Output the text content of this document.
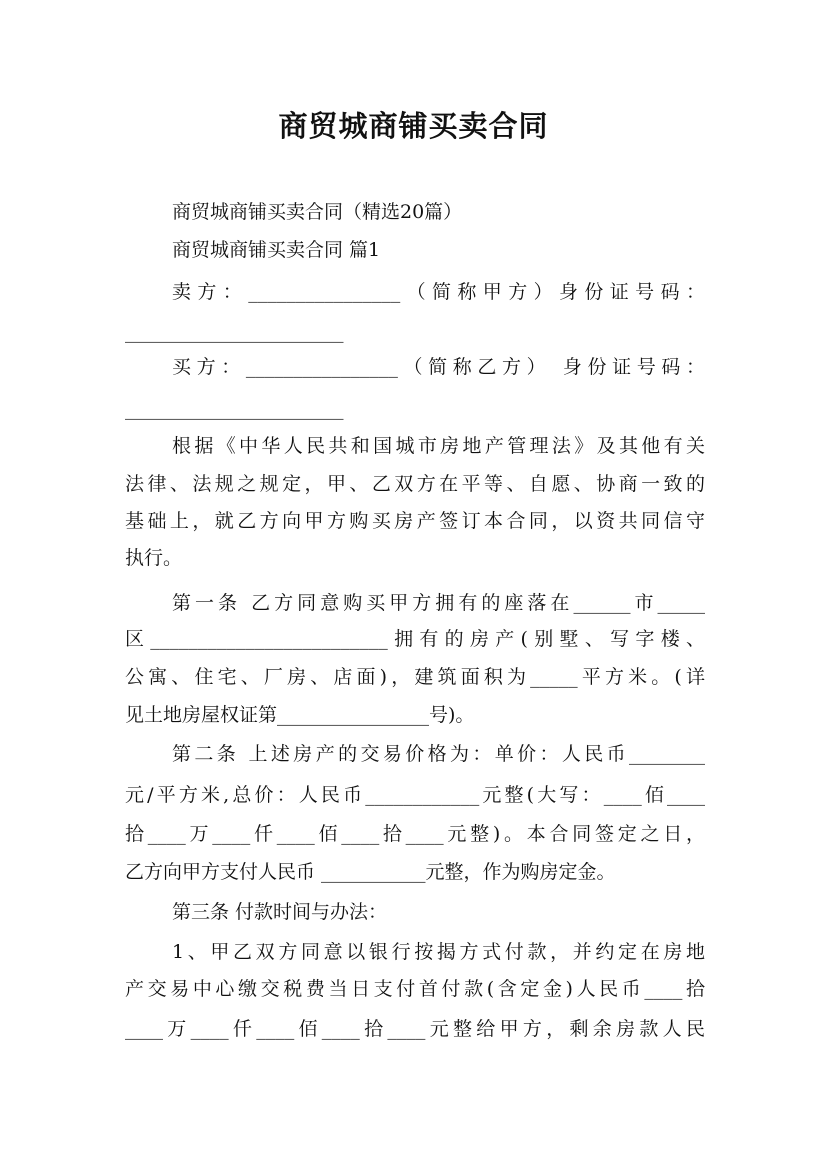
商贸城商铺买卖合同
商贸城商铺买卖合同（精选20篇）
商贸城商铺买卖合同 篇1
卖方：________________（简称甲方）身份证号码：
_______________________
买方：________________（简称乙方） 身份证号码：
_______________________
根据《中华人民共和国城市房地产管理法》及其他有关
法律、法规之规定，甲、乙双方在平等、自愿、协商一致的
基础上，就乙方向甲方购买房产签订本合同，以资共同信守
执行。
第一条 乙方同意购买甲方拥有的座落在______市_____
区_________________________拥有的房产(别墅、写字楼、
公寓、住宅、厂房、店面)，建筑面积为_____平方米。(详
见土地房屋权证第________________号)。
第二条 上述房产的交易价格为：单价：人民币________
元/平方米,总价：人民币____________元整(大写：____佰____
拾____万____仟____佰____拾____元整)。本合同签定之日，
乙方向甲方支付人民币 ___________元整，作为购房定金。
第三条 付款时间与办法：
1、甲乙双方同意以银行按揭方式付款，并约定在房地
产交易中心缴交税费当日支付首付款(含定金)人民币____拾
____万____仟____佰____拾____元整给甲方，剩余房款人民
